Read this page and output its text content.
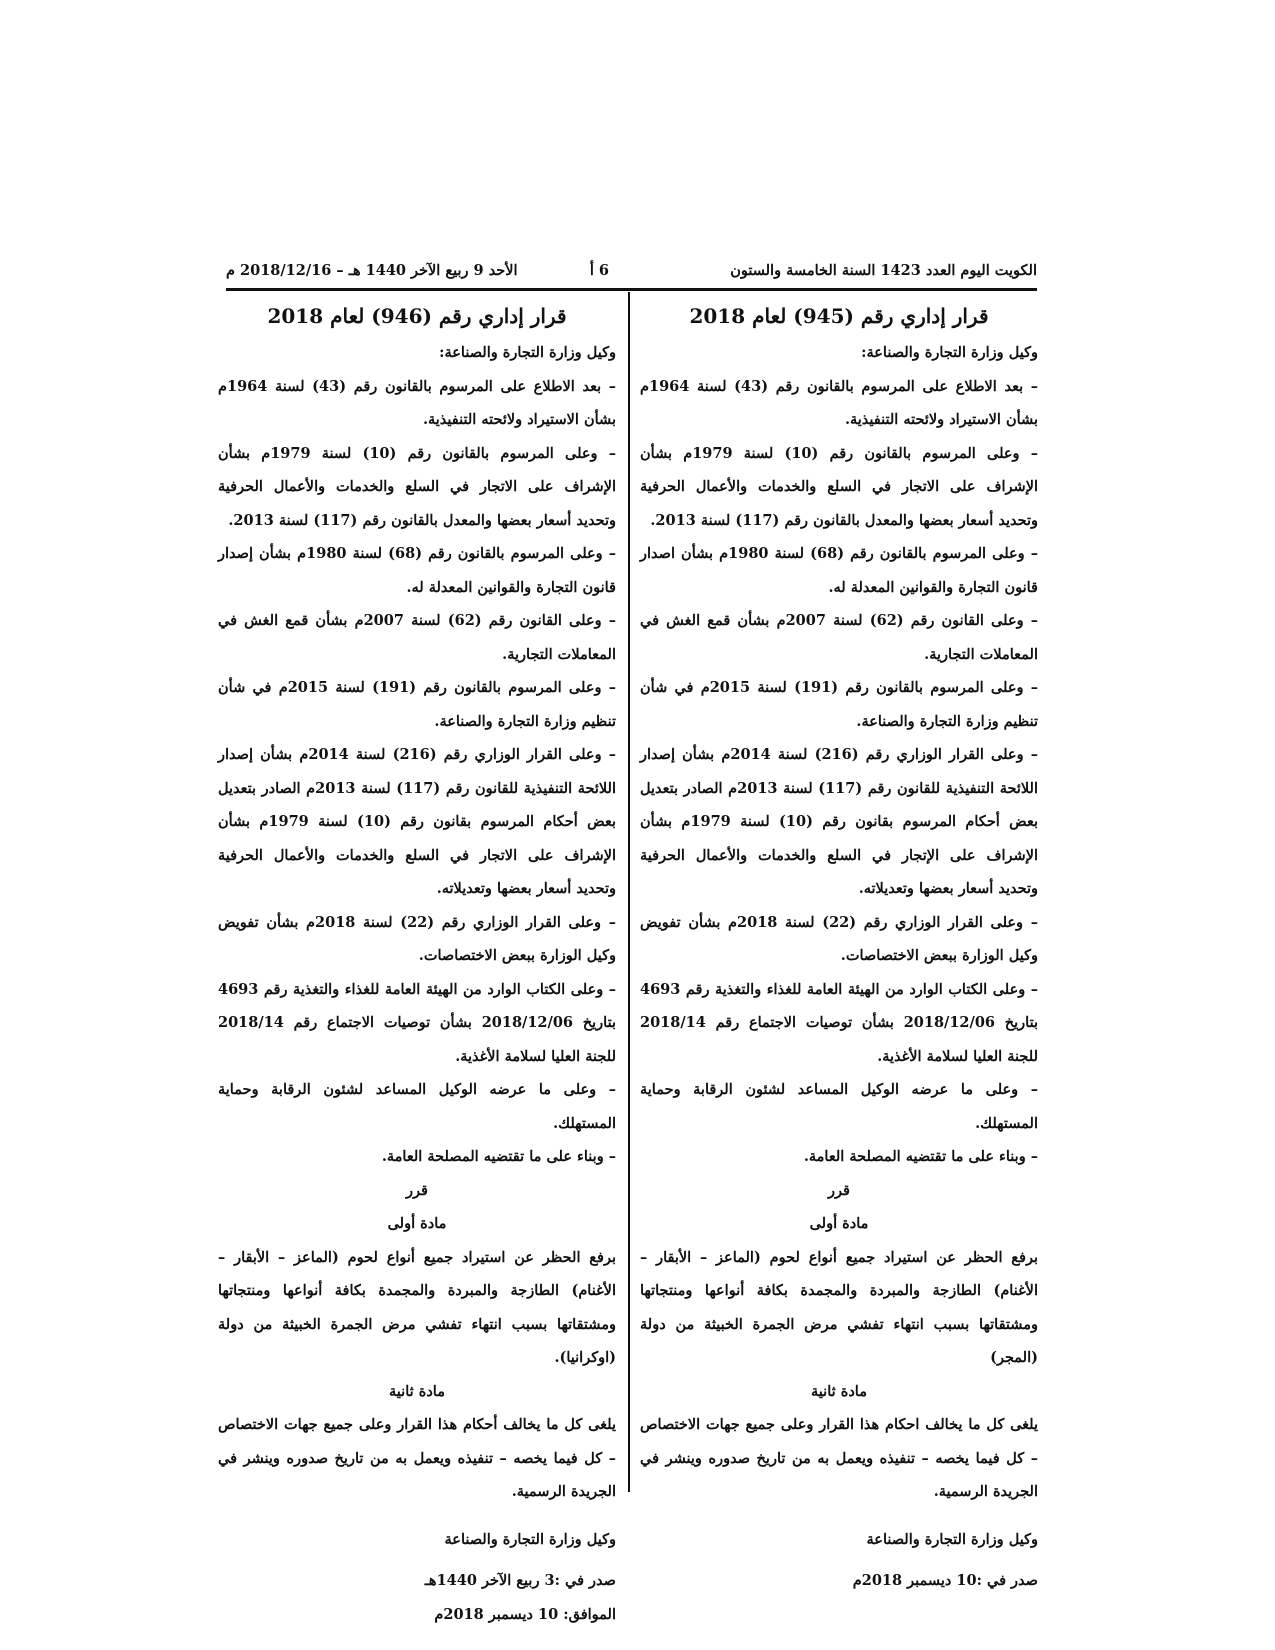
الكويت اليوم العدد 1423 السنة الخامسة والستون
6 أ
الأحد 9 ربيع الآخر 1440 هـ – 2018/12/16 م
قرار إداري رقم (945) لعام 2018

وكيل وزارة التجارة والصناعة:

– بعد الاطلاع على المرسوم بالقانون رقم (43) لسنة 1964م بشأن الاستيراد ولائحته التنفيذية.

– وعلى المرسوم بالقانون رقم (10) لسنة 1979م بشأن الإشراف على الاتجار في السلع والخدمات والأعمال الحرفية وتحديد أسعار بعضها والمعدل بالقانون رقم (117) لسنة 2013.

– وعلى المرسوم بالقانون رقم (68) لسنة 1980م بشأن اصدار قانون التجارة والقوانين المعدلة له.

– وعلى القانون رقم (62) لسنة 2007م بشأن قمع الغش في المعاملات التجارية.

– وعلى المرسوم بالقانون رقم (191) لسنة 2015م في شأن تنظيم وزارة التجارة والصناعة.

– وعلى القرار الوزاري رقم (216) لسنة 2014م بشأن إصدار اللائحة التنفيذية للقانون رقم (117) لسنة 2013م الصادر بتعديل بعض أحكام المرسوم بقانون رقم (10) لسنة 1979م بشأن الإشراف على الإتجار في السلع والخدمات والأعمال الحرفية وتحديد أسعار بعضها وتعديلاته.

– وعلى القرار الوزاري رقم (22) لسنة 2018م بشأن تفويض وكيل الوزارة ببعض الاختصاصات.

– وعلى الكتاب الوارد من الهيئة العامة للغذاء والتغذية رقم 4693 بتاريخ 2018/12/06 بشأن توصيات الاجتماع رقم 2018/14 للجنة العليا لسلامة الأغذية.

– وعلى ما عرضه الوكيل المساعد لشئون الرقابة وحماية المستهلك.

– وبناء على ما تقتضيه المصلحة العامة.

قرر

مادة أولى

برفع الحظر عن استيراد جميع أنواع لحوم (الماعز – الأبقار – الأغنام) الطازجة والمبردة والمجمدة بكافة أنواعها ومنتجاتها ومشتقاتها بسبب انتهاء تفشي مرض الجمرة الخبيثة من دولة (المجر)

مادة ثانية

يلغى كل ما يخالف احكام هذا القرار وعلى جميع جهات الاختصاص – كل فيما يخصه – تنفيذه ويعمل به من تاريخ صدوره وينشر في الجريدة الرسمية.

وكيل وزارة التجارة والصناعة

صدر في :10 ديسمبر 2018م

قرار إداري رقم (946) لعام 2018

وكيل وزارة التجارة والصناعة:

– بعد الاطلاع على المرسوم بالقانون رقم (43) لسنة 1964م بشأن الاستيراد ولائحته التنفيذية.

– وعلى المرسوم بالقانون رقم (10) لسنة 1979م بشأن الإشراف على الاتجار في السلع والخدمات والأعمال الحرفية وتحديد أسعار بعضها والمعدل بالقانون رقم (117) لسنة 2013.

– وعلى المرسوم بالقانون رقم (68) لسنة 1980م بشأن إصدار قانون التجارة والقوانين المعدلة له.

– وعلى القانون رقم (62) لسنة 2007م بشأن قمع الغش في المعاملات التجارية.

– وعلى المرسوم بالقانون رقم (191) لسنة 2015م في شأن تنظيم وزارة التجارة والصناعة.

– وعلى القرار الوزاري رقم (216) لسنة 2014م بشأن إصدار اللائحة التنفيذية للقانون رقم (117) لسنة 2013م الصادر بتعديل بعض أحكام المرسوم بقانون رقم (10) لسنة 1979م بشأن الإشراف على الاتجار في السلع والخدمات والأعمال الحرفية وتحديد أسعار بعضها وتعديلاته.

– وعلى القرار الوزاري رقم (22) لسنة 2018م بشأن تفويض وكيل الوزارة ببعض الاختصاصات.

– وعلى الكتاب الوارد من الهيئة العامة للغذاء والتغذية رقم 4693 بتاريخ 2018/12/06 بشأن توصيات الاجتماع رقم 2018/14 للجنة العليا لسلامة الأغذية.

– وعلى ما عرضه الوكيل المساعد لشئون الرقابة وحماية المستهلك.

– وبناء على ما تقتضيه المصلحة العامة.

قرر

مادة أولى

برفع الحظر عن استيراد جميع أنواع لحوم (الماعز – الأبقار – الأغنام) الطازجة والمبردة والمجمدة بكافة أنواعها ومنتجاتها ومشتقاتها بسبب انتهاء تفشي مرض الجمرة الخبيثة من دولة (اوكرانيا).

مادة ثانية

يلغى كل ما يخالف أحكام هذا القرار وعلى جميع جهات الاختصاص – كل فيما يخصه – تنفيذه ويعمل به من تاريخ صدوره وينشر في الجريدة الرسمية.

وكيل وزارة التجارة والصناعة

صدر في :3 ربيع الآخر 1440هـ

الموافق: 10 ديسمبر 2018م
